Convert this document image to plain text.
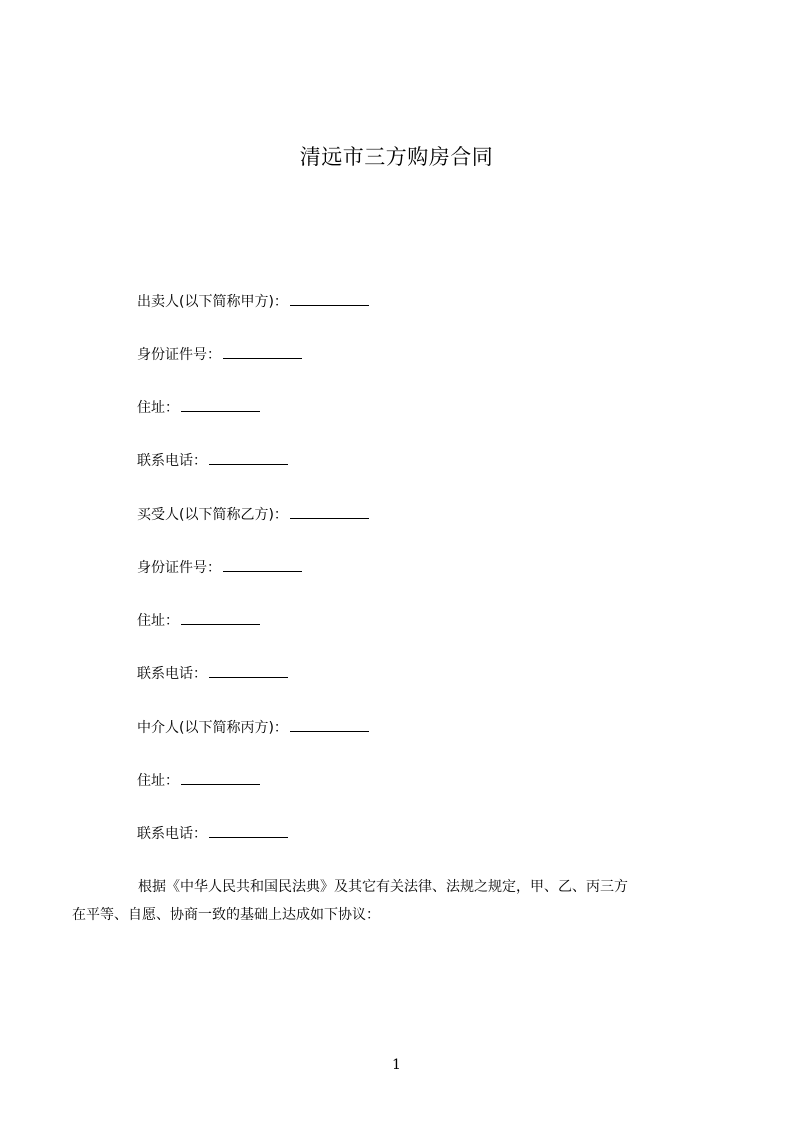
清远市三方购房合同
出卖人(以下简称甲方)：
身份证件号：
住址：
联系电话：
买受人(以下简称乙方)：
身份证件号：
住址：
联系电话：
中介人(以下简称丙方)：
住址：
联系电话：
根据《中华人民共和国民法典》及其它有关法律、法规之规定，甲、乙、丙三方
在平等、自愿、协商一致的基础上达成如下协议：
1
